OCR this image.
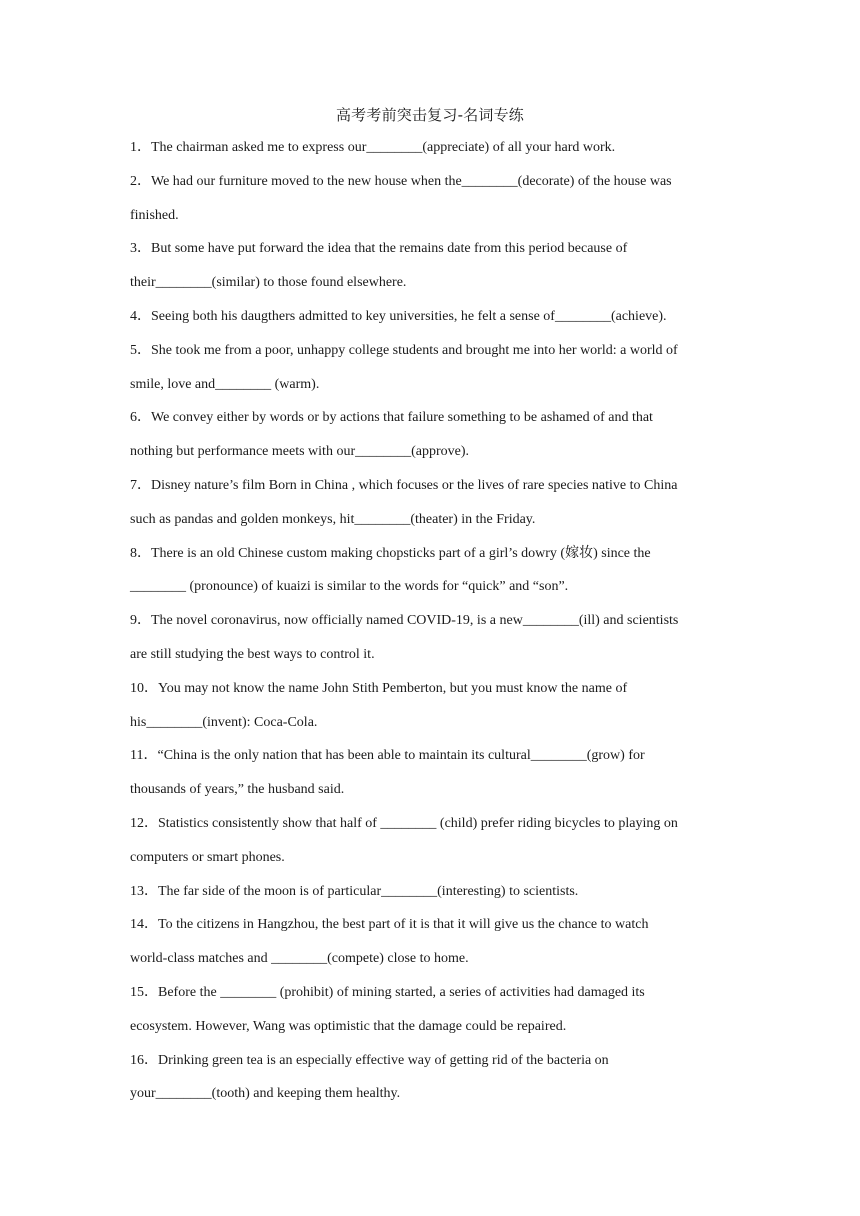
高考考前突击复习-名词专练
1．The chairman asked me to express our________(appreciate) of all your hard work.
2．We had our furniture moved to the new house when the________(decorate) of the house was
finished.
3．But some have put forward the idea that the remains date from this period because of
their________(similar) to those found elsewhere.
4．Seeing both his daugthers admitted to key universities, he felt a sense of________(achieve).
5．She took me from a poor, unhappy college students and brought me into her world: a world of
smile, love and________ (warm).
6．We convey either by words or by actions that failure something to be ashamed of and that
nothing but performance meets with our________(approve).
7．Disney nature’s film Born in China , which focuses or the lives of rare species native to China
such as pandas and golden monkeys, hit________(theater) in the Friday.
8．There is an old Chinese custom making chopsticks part of a girl’s dowry (嫁妆) since the
________ (pronounce) of kuaizi is similar to the words for “quick” and “son”.
9．The novel coronavirus, now officially named COVID-19, is a new________(ill) and scientists
are still studying the best ways to control it.
10．You may not know the name John Stith Pemberton, but you must know the name of
his________(invent): Coca-Cola.
11．“China is the only nation that has been able to maintain its cultural________(grow) for
thousands of years,” the husband said.
12．Statistics consistently show that half of ________ (child) prefer riding bicycles to playing on
computers or smart phones.
13．The far side of the moon is of particular________(interesting) to scientists.
14．To the citizens in Hangzhou, the best part of it is that it will give us the chance to watch
world-class matches and ________(compete) close to home.
15．Before the ________ (prohibit) of mining started, a series of activities had damaged its
ecosystem. However, Wang was optimistic that the damage could be repaired.
16．Drinking green tea is an especially effective way of getting rid of the bacteria on
your________(tooth) and keeping them healthy.
